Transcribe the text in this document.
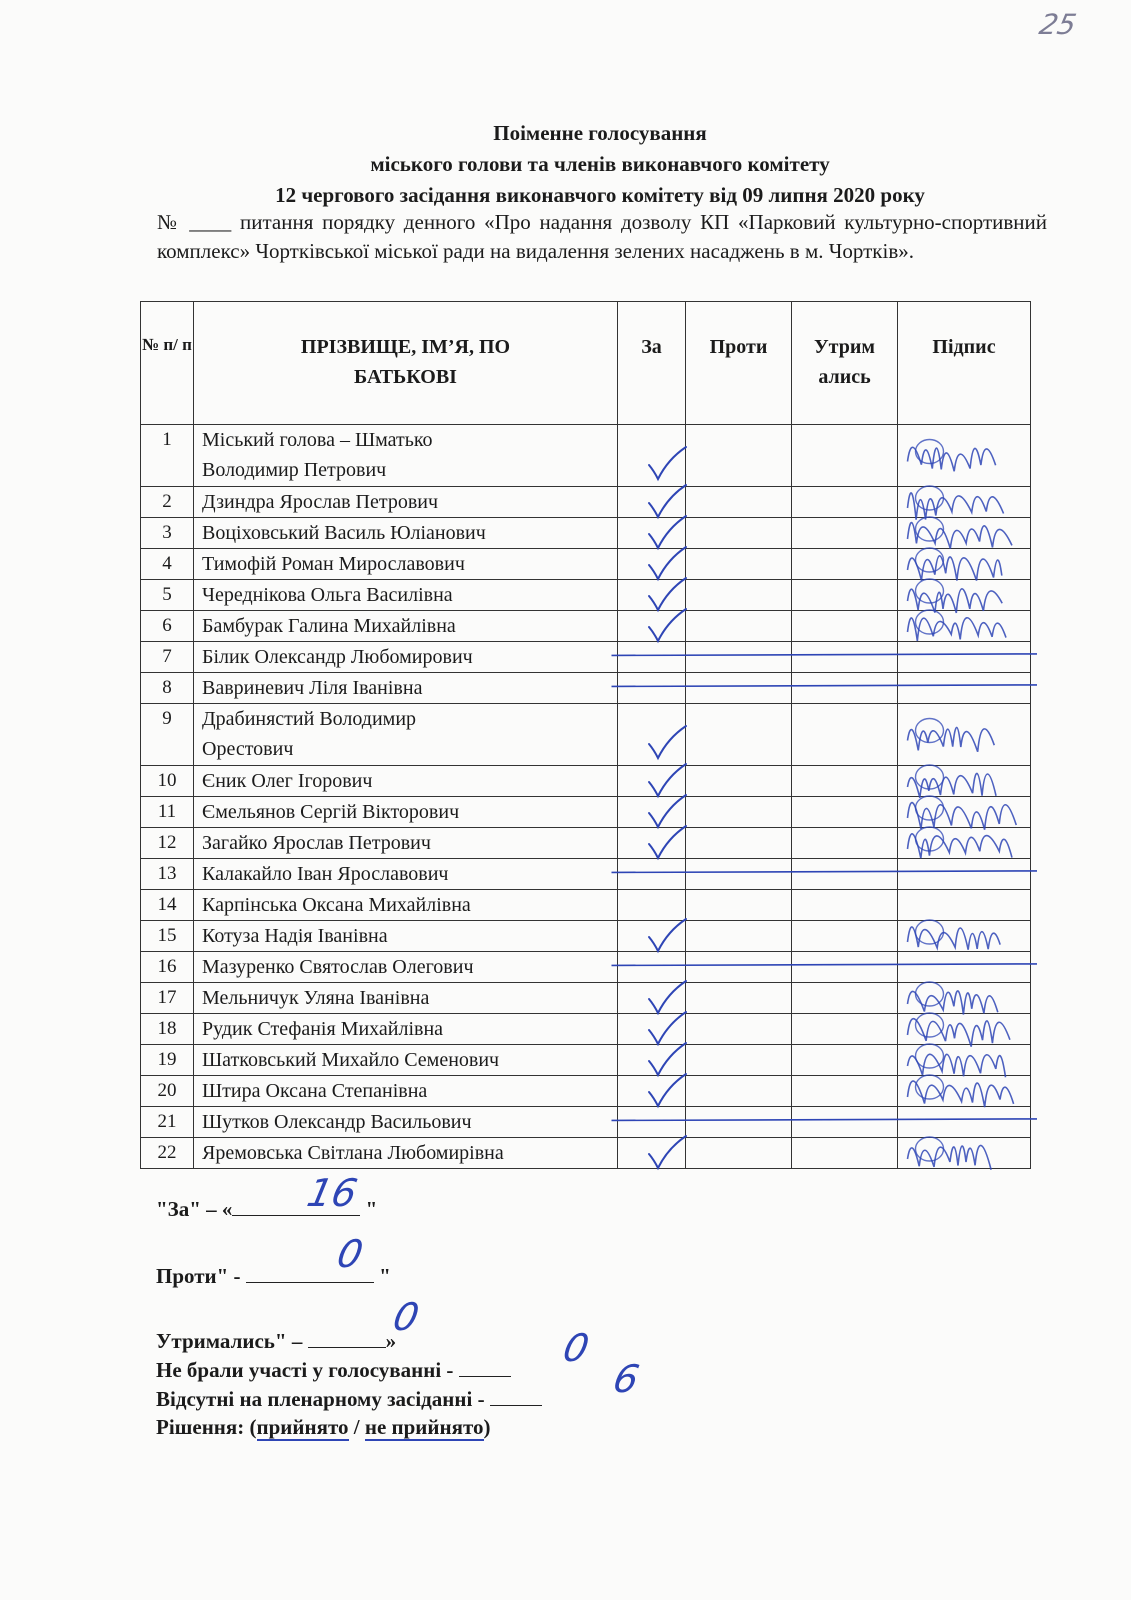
25
Поіменне голосування
міського голови та членів виконавчого комітету
12 чергового засідання виконавчого комітету від 09 липня 2020 року
№ ____ питання порядку денного «Про надання дозволу КП «Парковий культурно-спортивний комплекс» Чортківської міської ради на видалення зелених насаджень в м. Чортків».
№ п/ п	ПРІЗВИЩЕ, ІМ’Я, ПО БАТЬКОВІ	За	Проти	Утрим ались	Підпис
1	Міський голова – Шматько Володимир Петрович	

2	Дзиндра Ярослав Петрович	

3	Воціховський Василь Юліанович	

4	Тимофій Роман Мирославович	

5	Череднікова Ольга Василівна	

6	Бамбурак Галина Михайлівна	

7	Білик Олександр Любомирович				
8	Вавриневич Ліля Іванівна				
9	Драбинястий Володимир Орестович	

10	Єник Олег Ігорович	

11	Ємельянов Сергій Вікторович	

12	Загайко Ярослав Петрович	

13	Калакайло Іван Ярославович				
14	Карпінська Оксана Михайлівна				
15	Котуза Надія Іванівна	

16	Мазуренко Святослав Олегович				
17	Мельничук Уляна Іванівна	

18	Рудик Стефанія Михайлівна	

19	Шатковський Михайло Семенович	

20	Штира Оксана Степанівна	

21	Шутков Олександр Васильович				
22	Яремовська Світлана Любомирівна	

"За" – «	"
16
Проти" -	"
0
Утримались" –	»
0
Не брали участі у голосуванні -	0
Відсутні на пленарному засіданні -	6
Рішення: (прийнято / не прийнято)
